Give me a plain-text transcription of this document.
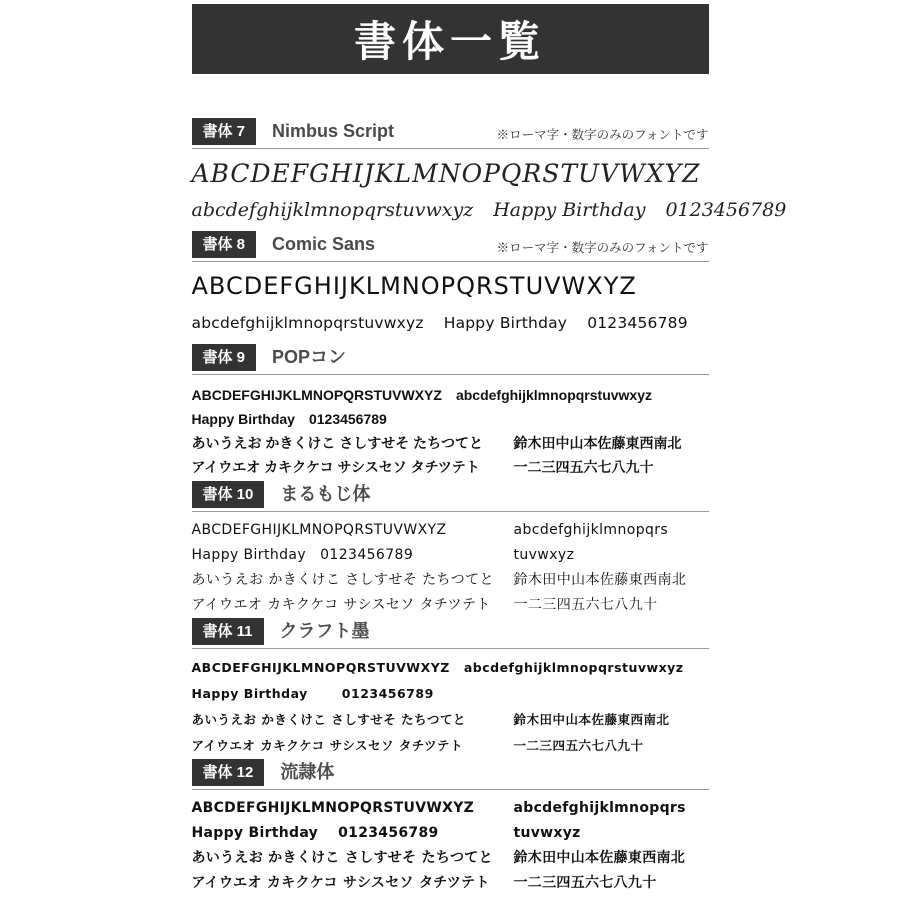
書体一覧
書体 7	Nimbus Script	※ローマ字・数字のみのフォントです
ABCDEFGHIJKLMNOPQRSTUVWXYZ
abcdefghijklmnopqrstuvwxyz Happy Birthday 0123456789
書体 8	Comic Sans	※ローマ字・数字のみのフォントです
ABCDEFGHIJKLMNOPQRSTUVWXYZ
abcdefghijklmnopqrstuvwxyz Happy Birthday 0123456789
書体 9	POPコン
ABCDEFGHIJKLMNOPQRSTUVWXYZ abcdefghijklmnopqrstuvwxyz
Happy Birthday 0123456789
あいうえお かきくけこ さしすせそ たちつてと	鈴木田中山本佐藤東西南北
アイウエオ カキクケコ サシスセソ タチツテト	一二三四五六七八九十
書体 10	まるもじ体
ABCDEFGHIJKLMNOPQRSTUVWXYZ	abcdefghijklmnopqrs
Happy Birthday 0123456789	tuvwxyz
あいうえお かきくけこ さしすせそ たちつてと	鈴木田中山本佐藤東西南北
アイウエオ カキクケコ サシスセソ タチツテト	一二三四五六七八九十
書体 11	クラフト墨
ABCDEFGHIJKLMNOPQRSTUVWXYZ abcdefghijklmnopqrstuvwxyz
Happy Birthday	0123456789
あいうえお かきくけこ さしすせそ たちつてと	鈴木田中山本佐藤東西南北
アイウエオ カキクケコ サシスセソ タチツテト	一二三四五六七八九十
書体 12	流隷体
ABCDEFGHIJKLMNOPQRSTUVWXYZ	abcdefghijklmnopqrs
Happy Birthday 0123456789	tuvwxyz
あいうえお かきくけこ さしすせそ たちつてと	鈴木田中山本佐藤東西南北
アイウエオ カキクケコ サシスセソ タチツテト	一二三四五六七八九十
